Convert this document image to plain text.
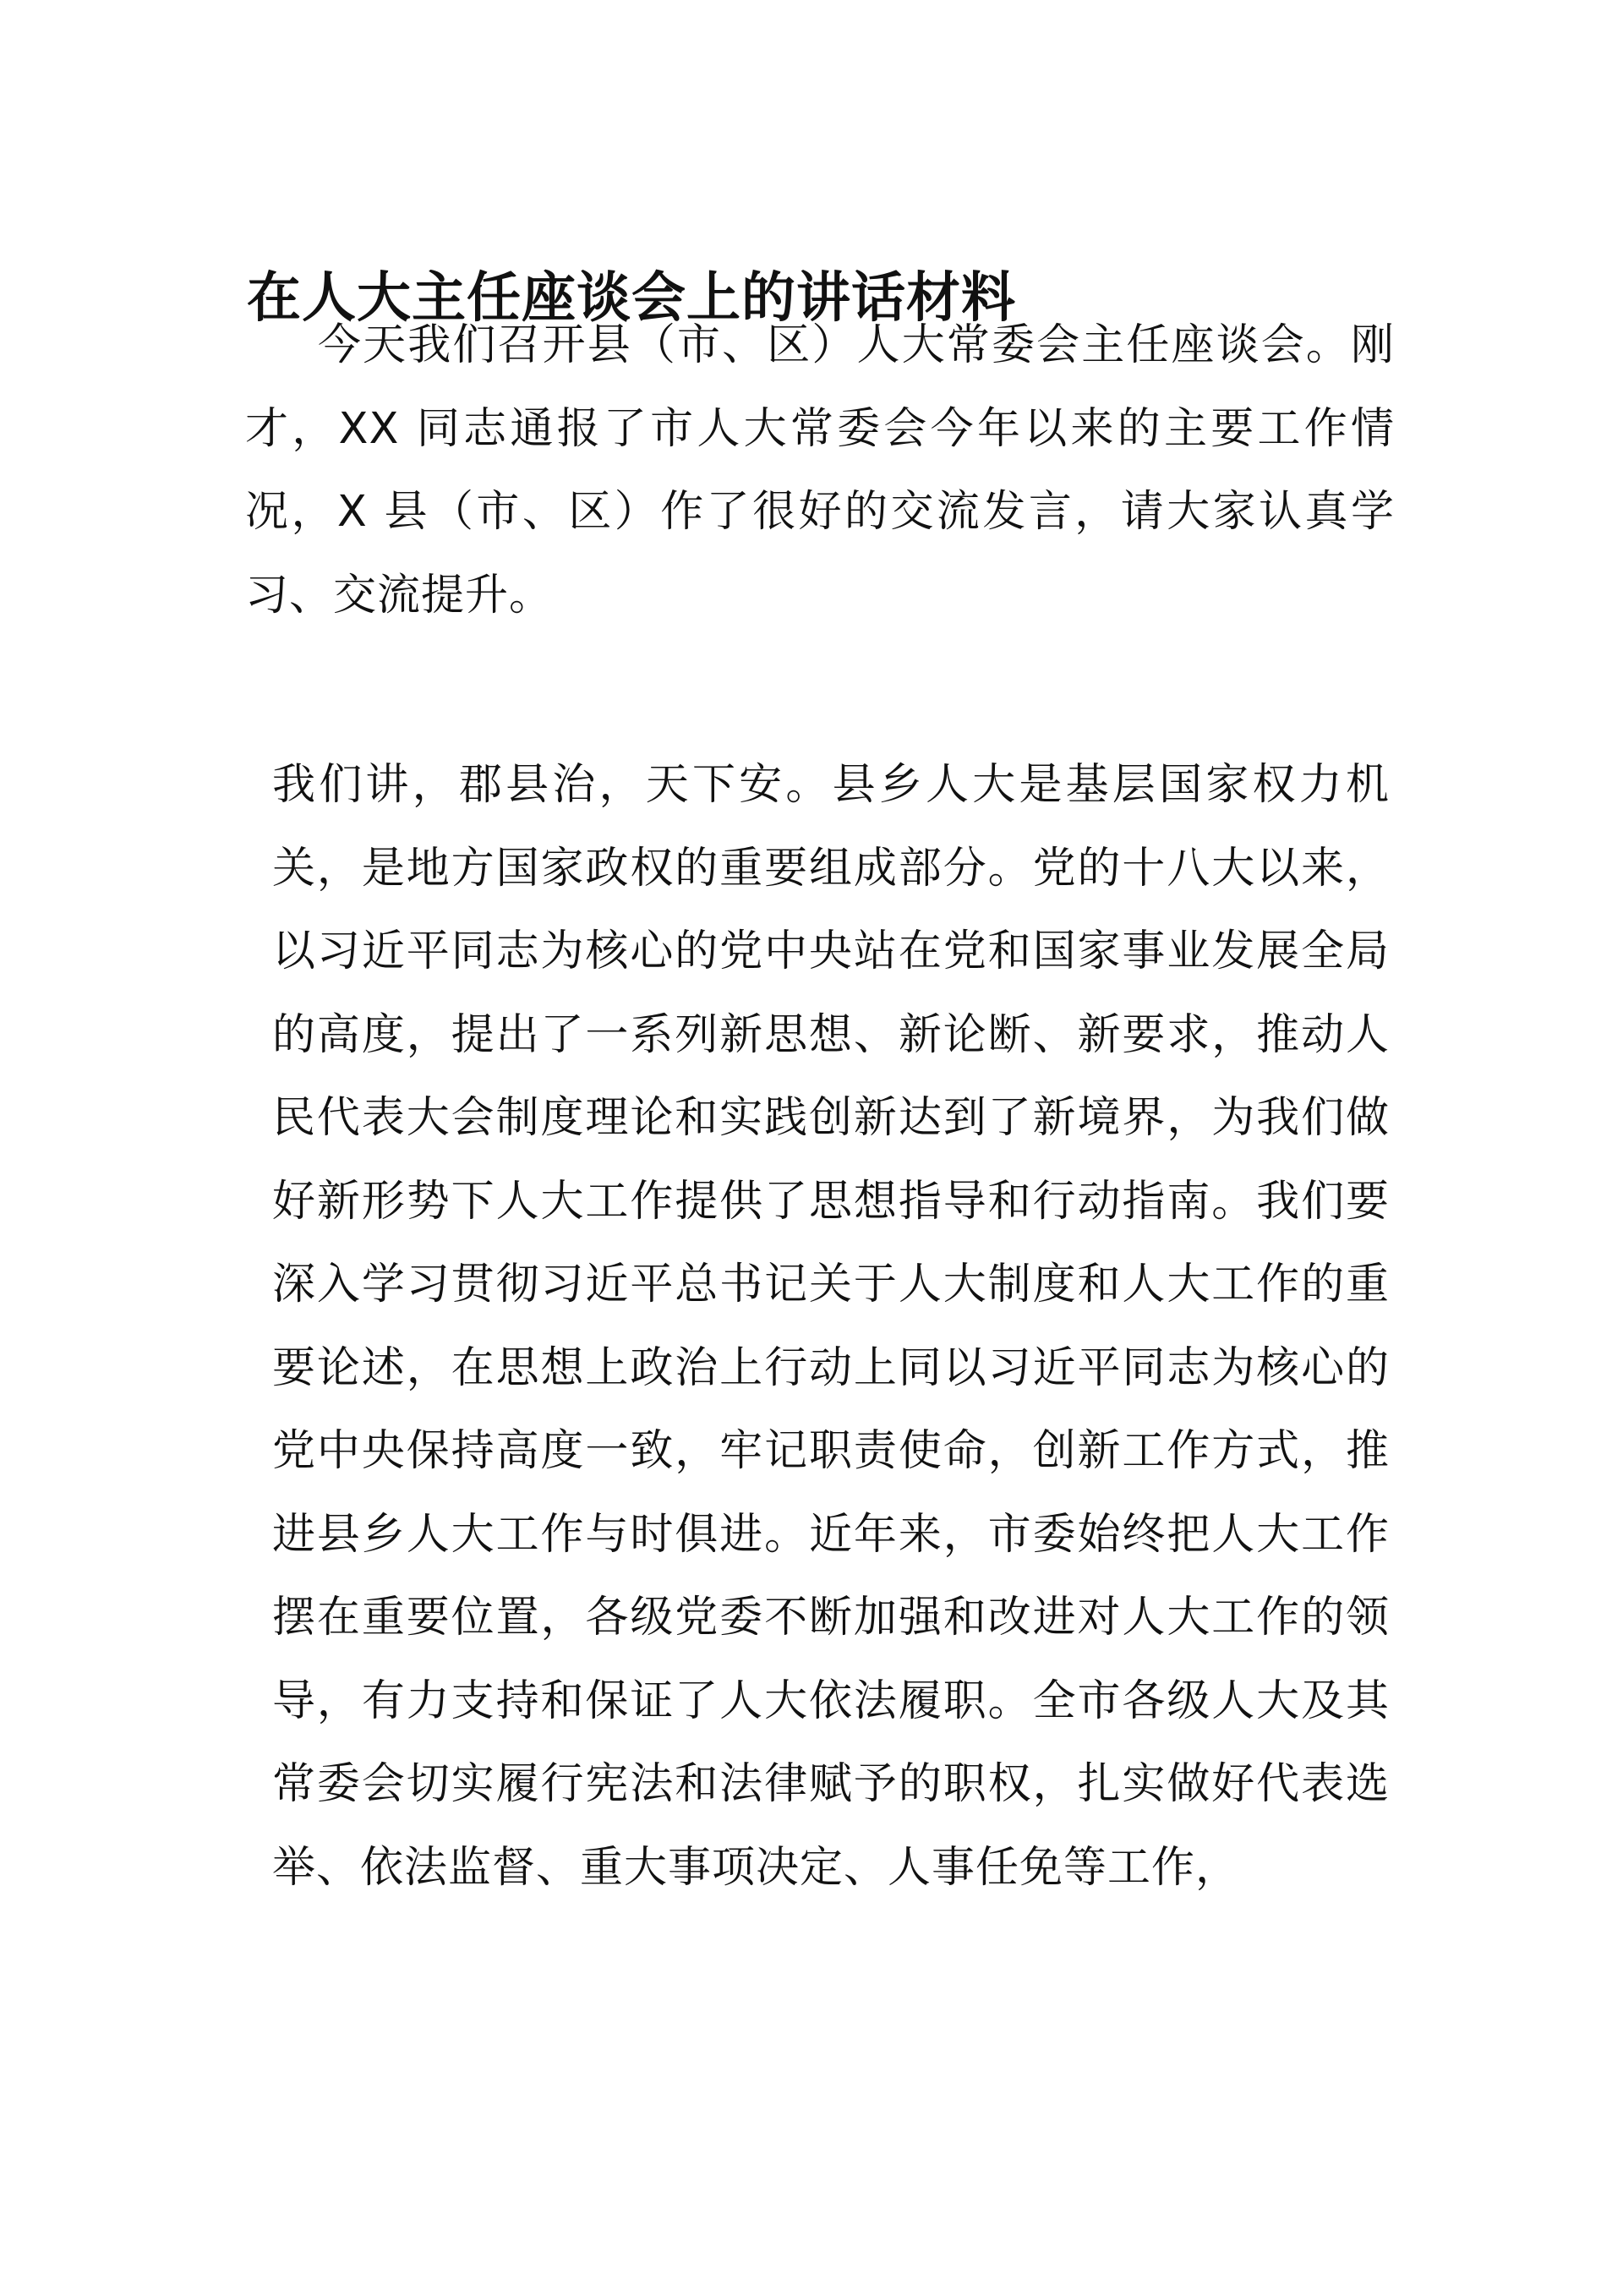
在人大主任座谈会上的讲话材料

今天我们召开县（市、区）人大常委会主任座谈会。刚才，XX 同志通报了市人大常委会今年以来的主要工作情况，X 县（市、区）作了很好的交流发言，请大家认真学习、交流提升。

我们讲，郡县治，天下安。县乡人大是基层国家权力机关，是地方国家政权的重要组成部分。党的十八大以来，以习近平同志为核心的党中央站在党和国家事业发展全局的高度，提出了一系列新思想、新论断、新要求，推动人民代表大会制度理论和实践创新达到了新境界，为我们做好新形势下人大工作提供了思想指导和行动指南。我们要深入学习贯彻习近平总书记关于人大制度和人大工作的重要论述，在思想上政治上行动上同以习近平同志为核心的党中央保持高度一致，牢记职责使命，创新工作方式，推进县乡人大工作与时俱进。近年来，市委始终把人大工作摆在重要位置，各级党委不断加强和改进对人大工作的领导，有力支持和保证了人大依法履职。全市各级人大及其常委会切实履行宪法和法律赋予的职权，扎实做好代表选举、依法监督、重大事项决定、人事任免等工作，
